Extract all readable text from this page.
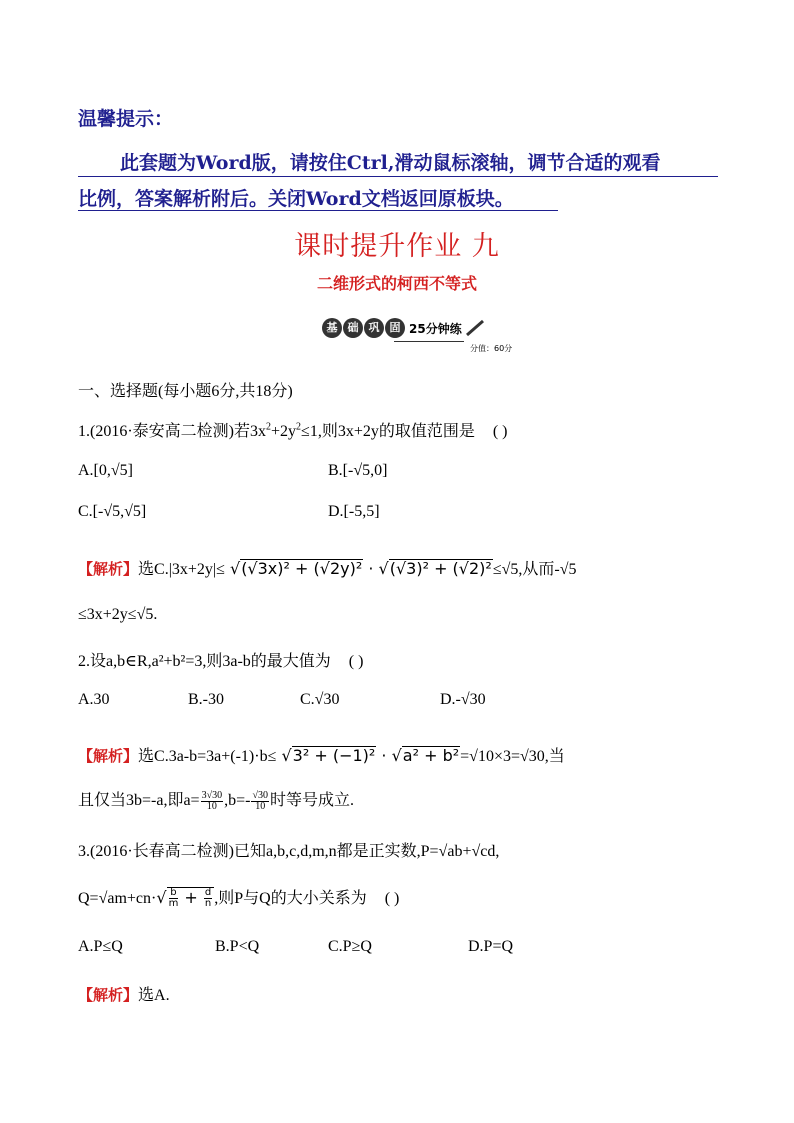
温馨提示：
此套题为Word版，请按住Ctrl,滑动鼠标滚轴，调节合适的观看
比例，答案解析附后。关闭Word文档返回原板块。
课时提升作业 九
二维形式的柯西不等式
基 础 巩 固 25分钟练
分值：60分
一、选择题(每小题6分,共18分)
1.(2016·泰安高二检测)若$3x^2+2y^2\le 1$,则3x+2y的取值范围是 ( )
A.[0,√5]	B.[-√5,0]
C.[-√5,√5]	D.[-5,5]
【解析】选C.|3x+2y|≤ √(√3x)² + (√2y)² · √(√3)² + (√2)²≤√5,从而-√5
≤3x+2y≤√5.
2.设a,b∈R,a²+b²=3,则3a-b的最大值为 ( )
A.30	B.-30	C.√30	D.-√30
【解析】选C.3a-b=3a+(-1)·b≤ √3² + (−1)² · √a² + b²=√10×3=√30,当
且仅当3b=-a,即$a= \frac{3√30}{10} ,b=- \frac{√30}{10}$ 时等号成立.
3.(2016·长春高二检测)已知a,b,c,d,m,n都是正实数,P=√ab+√cd,
$Q=√am+cn\cdot√ \frac{b}{m} + \frac{d}{n}$ ,则P与Q的大小关系为 ( )
A.P≤Q	B.P<Q	C.P≥Q	D.P=Q
【解析】选A.
